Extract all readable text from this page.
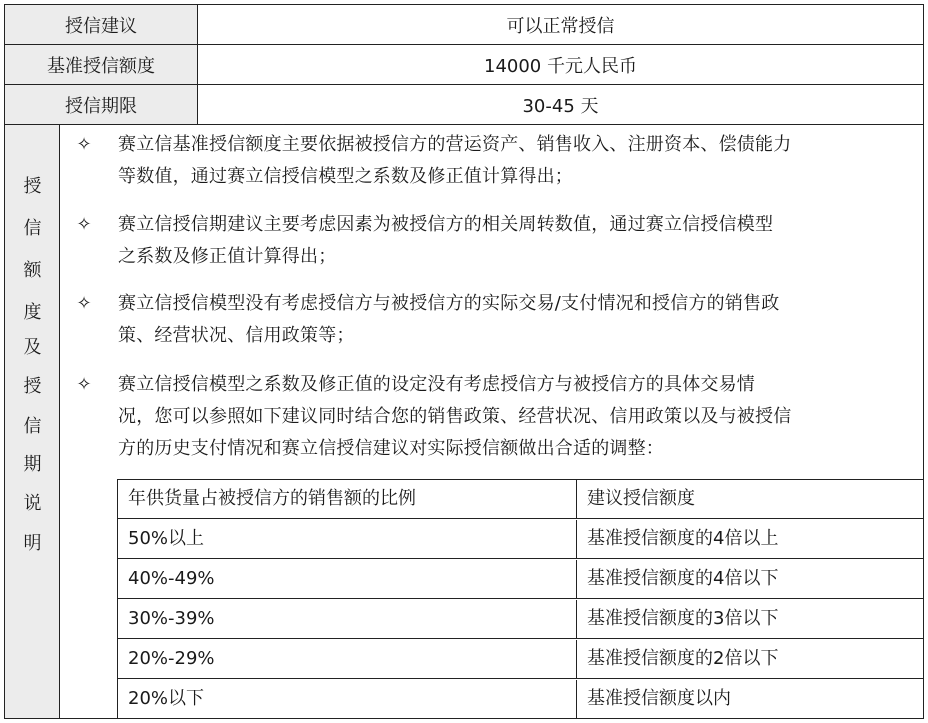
授信建议	可以正常授信
基准授信额度	14000 千元人民币
授信期限	30-45 天
授
信
额
度
及
授
信
期
说
明
✧ 赛立信基准授信额度主要依据被授信方的营运资产、销售收入、注册资本、偿债能力
等数值，通过赛立信授信模型之系数及修正值计算得出；
✧ 赛立信授信期建议主要考虑因素为被授信方的相关周转数值，通过赛立信授信模型
之系数及修正值计算得出；
✧ 赛立信授信模型没有考虑授信方与被授信方的实际交易/支付情况和授信方的销售政
策、经营状况、信用政策等；
✧ 赛立信授信模型之系数及修正值的设定没有考虑授信方与被授信方的具体交易情
况，您可以参照如下建议同时结合您的销售政策、经营状况、信用政策以及与被授信
方的历史支付情况和赛立信授信建议对实际授信额做出合适的调整：
年供货量占被授信方的销售额的比例	建议授信额度
50%以上	基准授信额度的4倍以上
40%-49%	基准授信额度的4倍以下
30%-39%	基准授信额度的3倍以下
20%-29%	基准授信额度的2倍以下
20%以下	基准授信额度以内
